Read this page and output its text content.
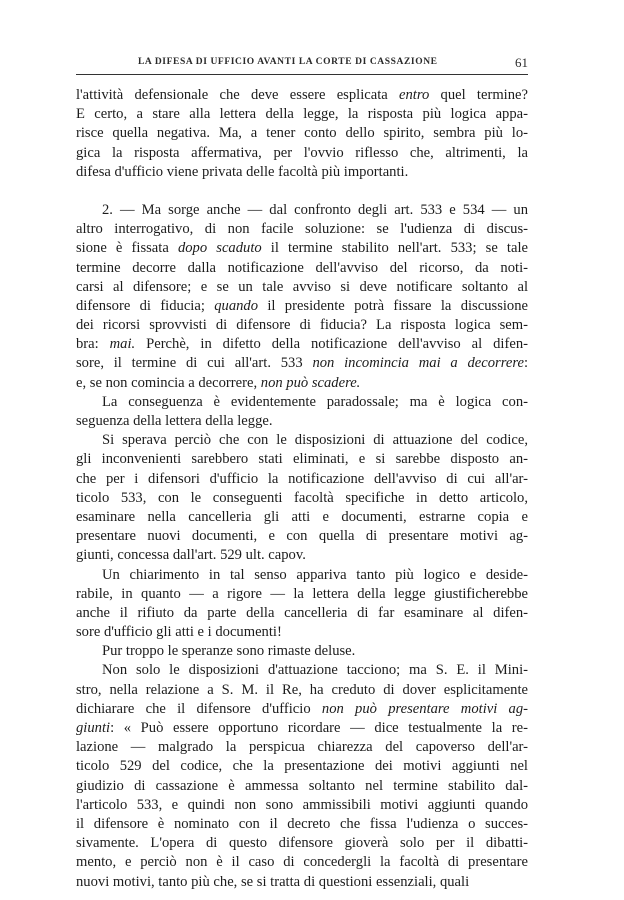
LA DIFESA DI UFFICIO AVANTI LA CORTE DI CASSAZIONE	61
l'attività defensionale che deve essere esplicata entro quel termine?
E certo, a stare alla lettera della legge, la risposta più logica appa-
risce quella negativa. Ma, a tener conto dello spirito, sembra più lo-
gica la risposta affermativa, per l'ovvio riflesso che, altrimenti, la
difesa d'ufficio viene privata delle facoltà più importanti.
2. — Ma sorge anche — dal confronto degli art. 533 e 534 — un
altro interrogativo, di non facile soluzione: se l'udienza di discus-
sione è fissata dopo scaduto il termine stabilito nell'art. 533; se tale
termine decorre dalla notificazione dell'avviso del ricorso, da noti-
carsi al difensore; e se un tale avviso si deve notificare soltanto al
difensore di fiducia; quando il presidente potrà fissare la discussione
dei ricorsi sprovvisti di difensore di fiducia? La risposta logica sem-
bra: mai. Perchè, in difetto della notificazione dell'avviso al difen-
sore, il termine di cui all'art. 533 non incomincia mai a decorrere:
e, se non comincia a decorrere, non può scadere.
La conseguenza è evidentemente paradossale; ma è logica con-
seguenza della lettera della legge.
Si sperava perciò che con le disposizioni di attuazione del codice,
gli inconvenienti sarebbero stati eliminati, e si sarebbe disposto an-
che per i difensori d'ufficio la notificazione dell'avviso di cui all'ar-
ticolo 533, con le conseguenti facoltà specifiche in detto articolo,
esaminare nella cancelleria gli atti e documenti, estrarne copia e
presentare nuovi documenti, e con quella di presentare motivi ag-
giunti, concessa dall'art. 529 ult. capov.
Un chiarimento in tal senso appariva tanto più logico e deside-
rabile, in quanto — a rigore — la lettera della legge giustificherebbe
anche il rifiuto da parte della cancelleria di far esaminare al difen-
sore d'ufficio gli atti e i documenti!
Pur troppo le speranze sono rimaste deluse.
Non solo le disposizioni d'attuazione tacciono; ma S. E. il Mini-
stro, nella relazione a S. M. il Re, ha creduto di dover esplicitamente
dichiarare che il difensore d'ufficio non può presentare motivi ag-
giunti: « Può essere opportuno ricordare — dice testualmente la re-
lazione — malgrado la perspicua chiarezza del capoverso dell'ar-
ticolo 529 del codice, che la presentazione dei motivi aggiunti nel
giudizio di cassazione è ammessa soltanto nel termine stabilito dal-
l'articolo 533, e quindi non sono ammissibili motivi aggiunti quando
il difensore è nominato con il decreto che fissa l'udienza o succes-
sivamente. L'opera di questo difensore gioverà solo per il dibatti-
mento, e perciò non è il caso di concedergli la facoltà di presentare
nuovi motivi, tanto più che, se si tratta di questioni essenziali, quali
